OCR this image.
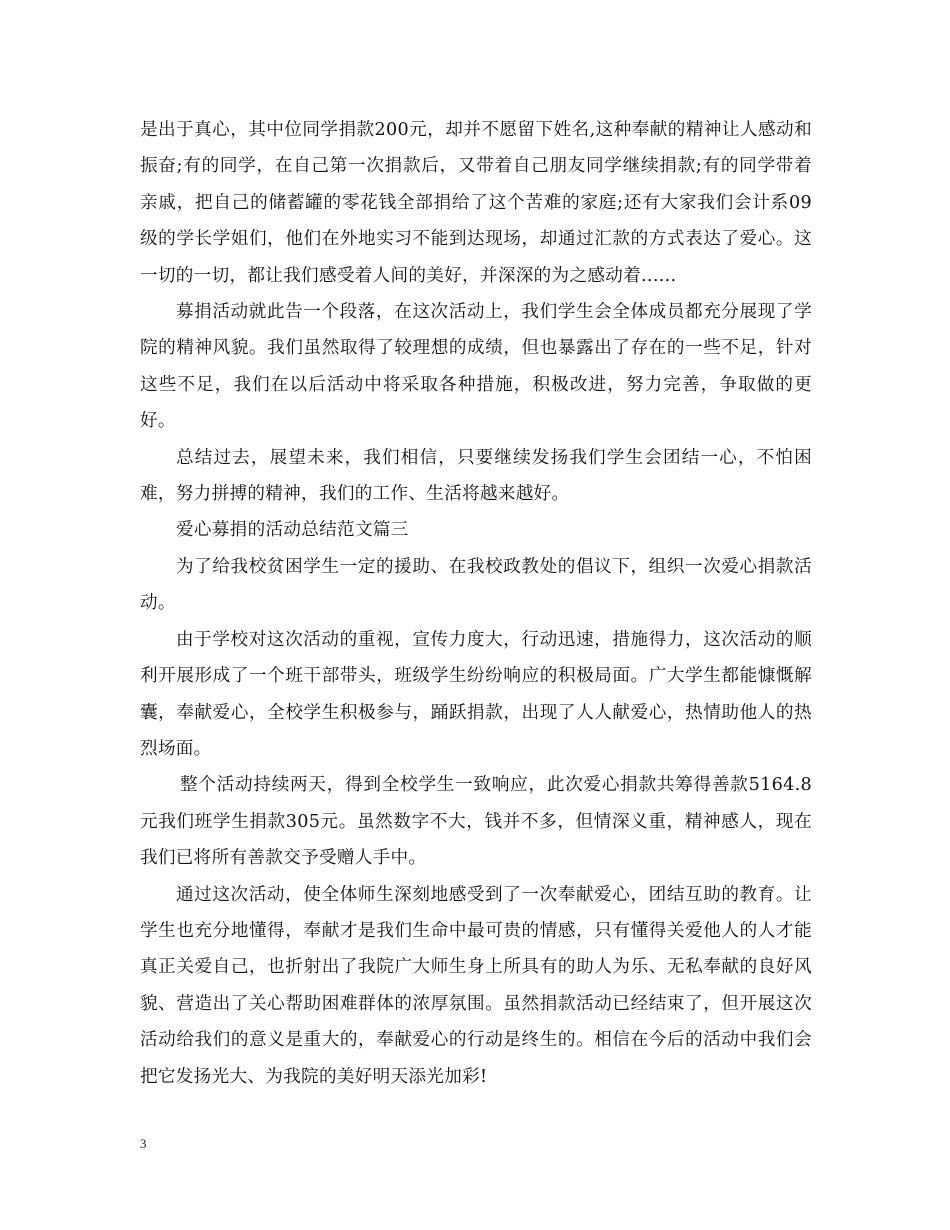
是出于真心，其中位同学捐款200元，却并不愿留下姓名,这种奉献的精神让人感动和振奋;有的同学，在自己第一次捐款后，又带着自己朋友同学继续捐款;有的同学带着亲戚，把自己的储蓄罐的零花钱全部捐给了这个苦难的家庭;还有大家我们会计系09级的学长学姐们，他们在外地实习不能到达现场，却通过汇款的方式表达了爱心。这一切的一切，都让我们感受着人间的美好，并深深的为之感动着......

募捐活动就此告一个段落，在这次活动上，我们学生会全体成员都充分展现了学院的精神风貌。我们虽然取得了较理想的成绩，但也暴露出了存在的一些不足，针对这些不足，我们在以后活动中将采取各种措施，积极改进，努力完善，争取做的更好。

总结过去，展望未来，我们相信，只要继续发扬我们学生会团结一心，不怕困难，努力拼搏的精神，我们的工作、生活将越来越好。

爱心募捐的活动总结范文篇三

为了给我校贫困学生一定的援助、在我校政教处的倡议下，组织一次爱心捐款活动。

由于学校对这次活动的重视，宣传力度大，行动迅速，措施得力，这次活动的顺利开展形成了一个班干部带头，班级学生纷纷响应的积极局面。广大学生都能慷慨解囊，奉献爱心，全校学生积极参与，踊跃捐款，出现了人人献爱心，热情助他人的热烈场面。

整个活动持续两天，得到全校学生一致响应，此次爱心捐款共筹得善款5164.8元我们班学生捐款305元。虽然数字不大，钱并不多，但情深义重，精神感人，现在我们已将所有善款交予受赠人手中。

通过这次活动，使全体师生深刻地感受到了一次奉献爱心，团结互助的教育。让学生也充分地懂得，奉献才是我们生命中最可贵的情感，只有懂得关爱他人的人才能真正关爱自己，也折射出了我院广大师生身上所具有的助人为乐、无私奉献的良好风貌、营造出了关心帮助困难群体的浓厚氛围。虽然捐款活动已经结束了，但开展这次活动给我们的意义是重大的，奉献爱心的行动是终生的。相信在今后的活动中我们会把它发扬光大、为我院的美好明天添光加彩!

3
